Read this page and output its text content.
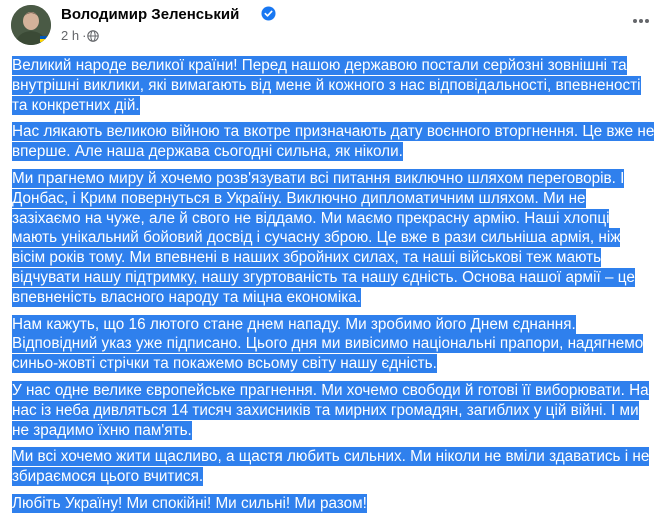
Володимир Зеленський
2 h ·

Великий народе великої країни! Перед нашою державою постали серйозні зовнішні та внутрішні виклики, які вимагають від мене й кожного з нас відповідальності, впевненості та конкретних дій.

Нас лякають великою війною та вкотре призначають дату воєнного вторгнення. Це вже не вперше. Але наша держава сьогодні сильна, як ніколи.

Ми прагнемо миру й хочемо розв'язувати всі питання виключно шляхом переговорів. І Донбас, і Крим повернуться в Україну. Виключно дипломатичним шляхом. Ми не зазіхаємо на чуже, але й свого не віддамо. Ми маємо прекрасну армію. Наші хлопці мають унікальний бойовий досвід і сучасну зброю. Це вже в рази сильніша армія, ніж вісім років тому. Ми впевнені в наших збройних силах, та наші військові теж мають відчувати нашу підтримку, нашу згуртованість та нашу єдність. Основа нашої армії – це впевненість власного народу та міцна економіка.

Нам кажуть, що 16 лютого стане днем нападу. Ми зробимо його Днем єднання. Відповідний указ уже підписано. Цього дня ми вивісимо національні прапори, надягнемо синьо-жовті стрічки та покажемо всьому світу нашу єдність.

У нас одне велике європейське прагнення. Ми хочемо свободи й готові її виборювати. На нас із неба дивляться 14 тисяч захисників та мирних громадян, загиблих у цій війні. І ми не зрадимо їхню пам'ять.

Ми всі хочемо жити щасливо, а щастя любить сильних. Ми ніколи не вміли здаватись і не збираємося цього вчитися.

Любіть Україну! Ми спокійні! Ми сильні! Ми разом!
